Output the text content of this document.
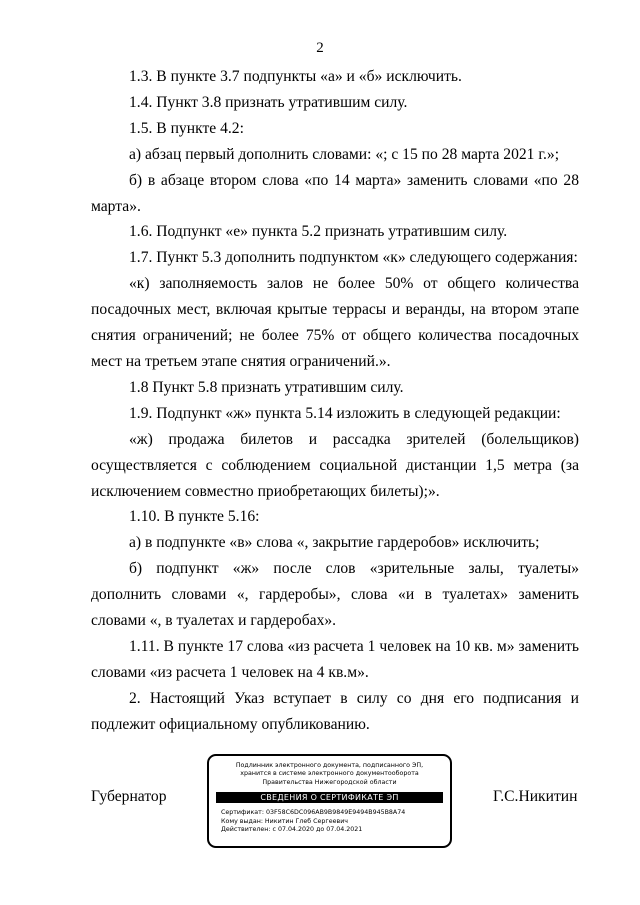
2

1.3. В пункте 3.7 подпункты «а» и «б» исключить.

1.4. Пункт 3.8 признать утратившим силу.

1.5. В пункте 4.2:

а) абзац первый дополнить словами: «; с 15 по 28 марта 2021 г.»;

б) в абзаце втором слова «по 14 марта» заменить словами «по 28 марта».

1.6. Подпункт «е» пункта 5.2 признать утратившим силу.

1.7. Пункт 5.3 дополнить подпунктом «к» следующего содержания:

«к) заполняемость залов не более 50% от общего количества посадочных мест, включая крытые террасы и веранды, на втором этапе снятия ограничений; не более 75% от общего количества посадочных мест на третьем этапе снятия ограничений.».

1.8 Пункт 5.8 признать утратившим силу.

1.9. Подпункт «ж» пункта 5.14 изложить в следующей редакции:

«ж) продажа билетов и рассадка зрителей (болельщиков) осуществляется с соблюдением социальной дистанции 1,5 метра (за исключением совместно приобретающих билеты);».

1.10. В пункте 5.16:

а) в подпункте «в» слова «, закрытие гардеробов» исключить;

б) подпункт «ж» после слов «зрительные залы, туалеты» дополнить словами «, гардеробы», слова «и в туалетах» заменить словами «, в туалетах и гардеробах».

1.11. В пункте 17 слова «из расчета 1 человек на 10 кв. м» заменить словами «из расчета 1 человек на 4 кв.м».

2. Настоящий Указ вступает в силу со дня его подписания и подлежит официальному опубликованию.

Губернатор
Подлинник электронного документа, подписанного ЭП,
хранится в системе электронного документооборота
Правительства Нижегородской области
СВЕДЕНИЯ О СЕРТИФИКАТЕ ЭП
Сертификат: 03F58C6DC096AB9B9849E9494B945B8A74
Кому выдан: Никитин Глеб Сергеевич
Действителен: с 07.04.2020 до 07.04.2021
Г.С.Никитин
